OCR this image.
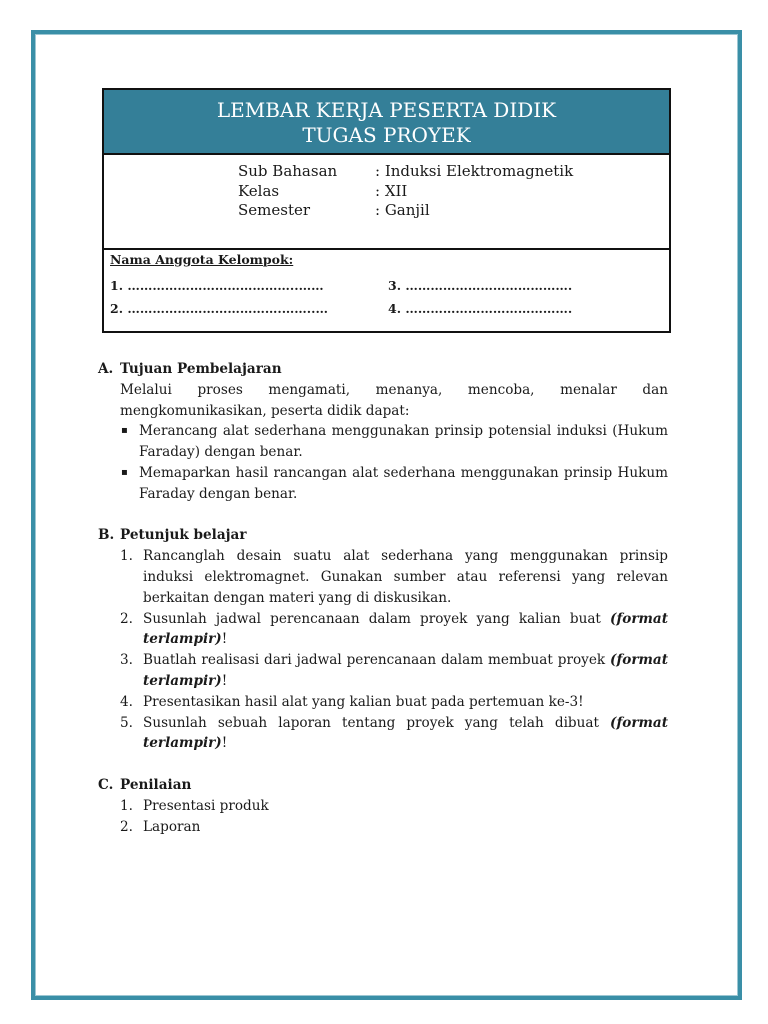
LEMBAR KERJA PESERTA DIDIK
TUGAS PROYEK
Sub Bahasan
Kelas
Semester
: Induksi Elektromagnetik
: XII
: Ganjil
Nama Anggota Kelompok:
1. …………………………………..……
2. ……………………………….……..…
3. ………………………………….
4. ………………………………….
A. Tujuan Pembelajaran
Melalui proses mengamati, menanya, mencoba, menalar dan
mengkomunikasikan, peserta didik dapat:
▪ Merancang alat sederhana menggunakan prinsip potensial induksi (Hukum Faraday) dengan benar.
▪ Memaparkan hasil rancangan alat sederhana menggunakan prinsip Hukum Faraday dengan benar.
B. Petunjuk belajar
1. Rancanglah desain suatu alat sederhana yang menggunakan prinsip induksi elektromagnet. Gunakan sumber atau referensi yang relevan berkaitan dengan materi yang di diskusikan.
2. Susunlah jadwal perencanaan dalam proyek yang kalian buat (format terlampir)!
3. Buatlah realisasi dari jadwal perencanaan dalam membuat proyek (format terlampir)!
4. Presentasikan hasil alat yang kalian buat pada pertemuan ke-3!
5. Susunlah sebuah laporan tentang proyek yang telah dibuat (format terlampir)!
C. Penilaian
1. Presentasi produk
2. Laporan
